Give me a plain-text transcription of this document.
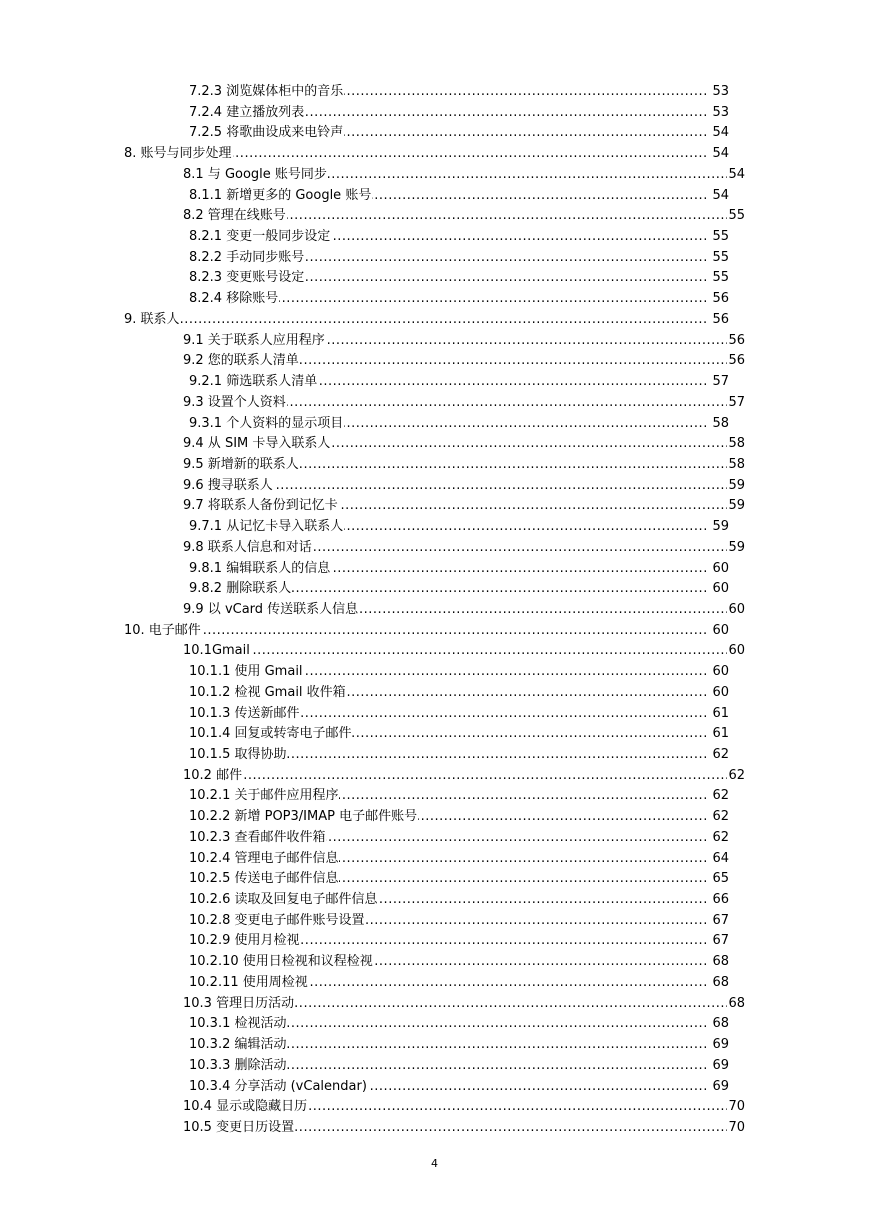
.....
7.2.3 浏览媒体柜中的音乐	53
.....
7.2.4 建立播放列表	53
.....
7.2.5 将歌曲设成来电铃声	54
.....
8. 账号与同步处理	54
.....
8.1 与 Google 账号同步	54
.....
8.1.1 新增更多的 Google 账号	54
.....
8.2 管理在线账号	55
.....
8.2.1 变更一般同步设定	55
.....
8.2.2 手动同步账号	55
.....
8.2.3 变更账号设定	55
.....
8.2.4 移除账号	56
.....
9. 联系人	56
.....
9.1 关于联系人应用程序	56
.....
9.2 您的联系人清单	56
.....
9.2.1 筛选联系人清单	57
.....
9.3 设置个人资料	57
.....
9.3.1 个人资料的显示项目	58
.....
9.4 从 SIM 卡导入联系人	58
.....
9.5 新增新的联系人	58
.....
9.6 搜寻联系人	59
.....
9.7 将联系人备份到记忆卡	59
.....
9.7.1 从记忆卡导入联系人	59
.....
9.8 联系人信息和对话	59
.....
9.8.1 编辑联系人的信息	60
.....
9.8.2 删除联系人	60
.....
9.9 以 vCard 传送联系人信息	60
.....
10. 电子邮件	60
.....
10.1Gmail	60
.....
10.1.1 使用 Gmail	60
.....
10.1.2 检视 Gmail 收件箱	60
.....
10.1.3 传送新邮件	61
.....
10.1.4 回复或转寄电子邮件	61
.....
10.1.5 取得协助	62
.....
10.2 邮件	62
.....
10.2.1 关于邮件应用程序	62
.....
10.2.2 新增 POP3/IMAP 电子邮件账号	62
.....
10.2.3 查看邮件收件箱	62
.....
10.2.4 管理电子邮件信息	64
.....
10.2.5 传送电子邮件信息	65
.....
10.2.6 读取及回复电子邮件信息	66
.....
10.2.8 变更电子邮件账号设置	67
.....
10.2.9 使用月检视	67
.....
10.2.10 使用日检视和议程检视	68
.....
10.2.11 使用周检视	68
.....
10.3 管理日历活动	68
.....
10.3.1 检视活动	68
.....
10.3.2 编辑活动	69
.....
10.3.3 删除活动	69
.....
10.3.4 分享活动 (vCalendar)	69
.....
10.4 显示或隐藏日历	70
.....
10.5 变更日历设置	70
4
